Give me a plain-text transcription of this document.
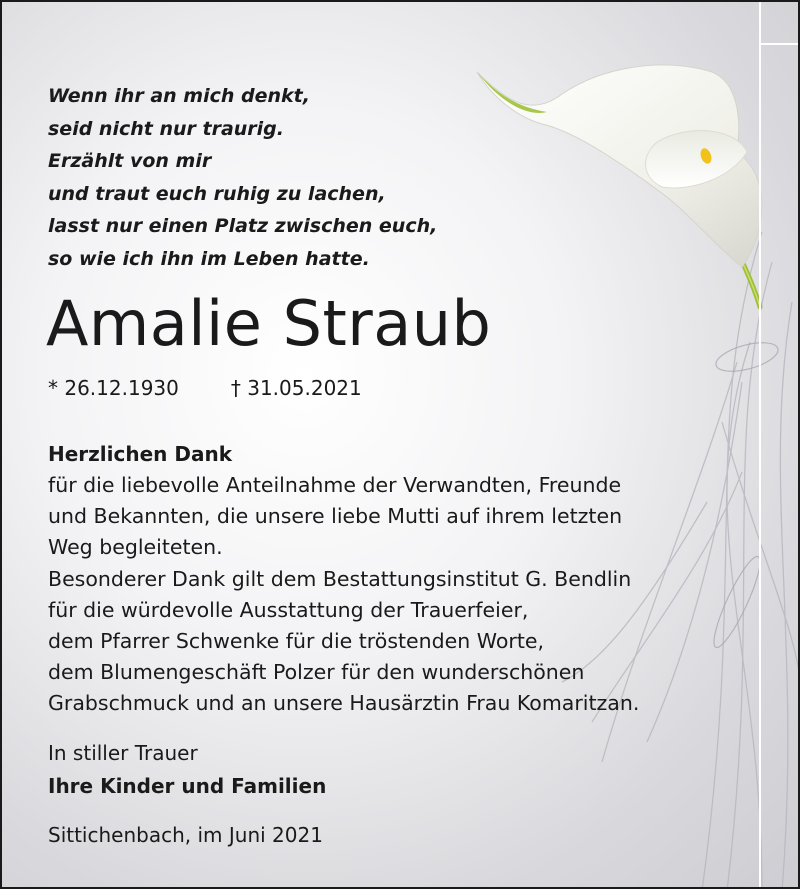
Wenn ihr an mich denkt,
seid nicht nur traurig.
Erzählt von mir
und traut euch ruhig zu lachen,
lasst nur einen Platz zwischen euch,
so wie ich ihn im Leben hatte.
Amalie Straub
* 26.12.1930	† 31.05.2021
Herzlichen Dank
für die liebevolle Anteilnahme der Verwandten, Freunde
und Bekannten, die unsere liebe Mutti auf ihrem letzten
Weg begleiteten.
Besonderer Dank gilt dem Bestattungsinstitut G. Bendlin
für die würdevolle Ausstattung der Trauerfeier,
dem Pfarrer Schwenke für die tröstenden Worte,
dem Blumengeschäft Polzer für den wunderschönen
Grabschmuck und an unsere Hausärztin Frau Komaritzan.
In stiller Trauer
Ihre Kinder und Familien
Sittichenbach, im Juni 2021
